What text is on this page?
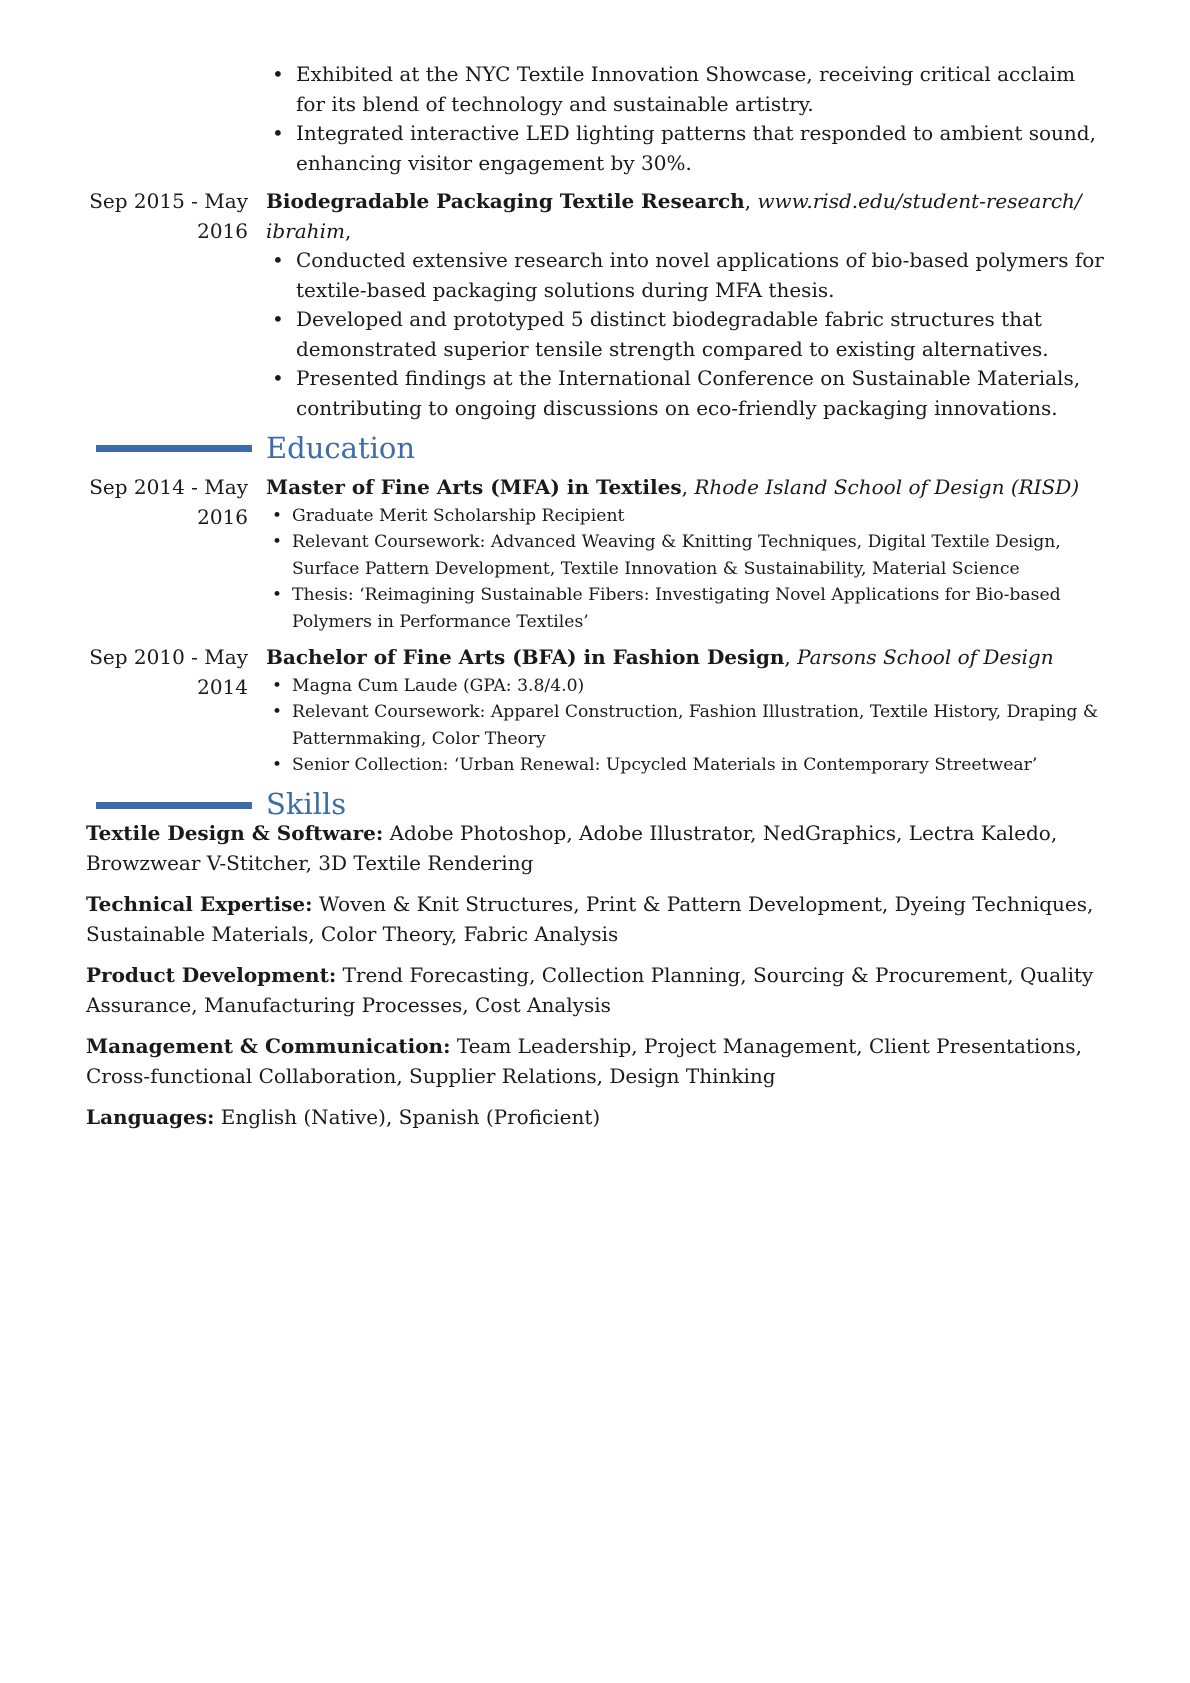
• Exhibited at the NYC Textile Innovation Showcase, receiving critical acclaim for its blend of technology and sustainable artistry.
• Integrated interactive LED lighting patterns that responded to ambient sound, enhancing visitor engagement by 30%.
Sep 2015 - May
2016
Biodegradable Packaging Textile Research, www.risd.edu/student-research/ ibrahim,
• Conducted extensive research into novel applications of bio-based polymers for textile-based packaging solutions during MFA thesis.
• Developed and prototyped 5 distinct biodegradable fabric structures that demonstrated superior tensile strength compared to existing alternatives.
• Presented findings at the International Conference on Sustainable Materials, contributing to ongoing discussions on eco-friendly packaging innovations.
Education
Sep 2014 - May
2016
Master of Fine Arts (MFA) in Textiles, Rhode Island School of Design (RISD)
• Graduate Merit Scholarship Recipient
• Relevant Coursework: Advanced Weaving & Knitting Techniques, Digital Textile Design, Surface Pattern Development, Textile Innovation & Sustainability, Material Science
• Thesis: ‘Reimagining Sustainable Fibers: Investigating Novel Applications for Bio-based Polymers in Performance Textiles’
Sep 2010 - May
2014
Bachelor of Fine Arts (BFA) in Fashion Design, Parsons School of Design
• Magna Cum Laude (GPA: 3.8/4.0)
• Relevant Coursework: Apparel Construction, Fashion Illustration, Textile History, Draping & Patternmaking, Color Theory
• Senior Collection: ‘Urban Renewal: Upcycled Materials in Contemporary Streetwear’
Skills
Textile Design & Software: Adobe Photoshop, Adobe Illustrator, NedGraphics, Lectra Kaledo, Browzwear V-Stitcher, 3D Textile Rendering
Technical Expertise: Woven & Knit Structures, Print & Pattern Development, Dyeing Techniques, Sustainable Materials, Color Theory, Fabric Analysis
Product Development: Trend Forecasting, Collection Planning, Sourcing & Procurement, Quality Assurance, Manufacturing Processes, Cost Analysis
Management & Communication: Team Leadership, Project Management, Client Presentations, Cross-functional Collaboration, Supplier Relations, Design Thinking
Languages: English (Native), Spanish (Proficient)
